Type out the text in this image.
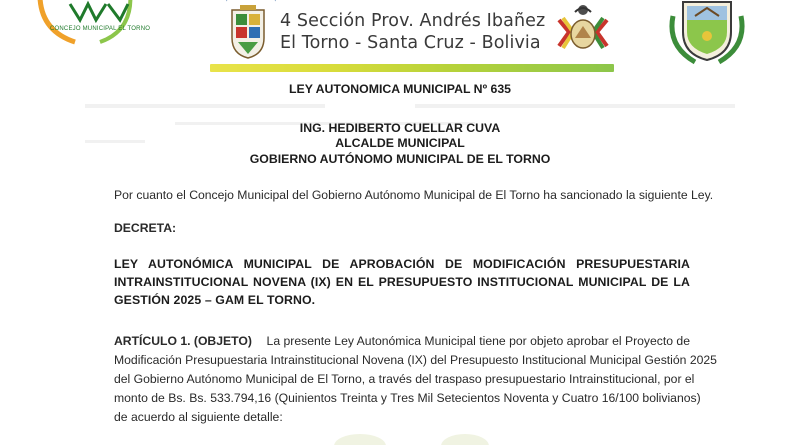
CONCEJO MUNICIPAL EL TORNO	4 Sección Prov. Andrés Ibañez
El Torno - Santa Cruz - Bolivia
LEY AUTONOMICA MUNICIPAL Nº 635
ING. HEDIBERTO CUELLAR CUVA
ALCALDE MUNICIPAL
GOBIERNO AUTÓNOMO MUNICIPAL DE EL TORNO
Por cuanto el Concejo Municipal del Gobierno Autónomo Municipal de El Torno ha sancionado la siguiente Ley.
DECRETA:
LEY AUTONÓMICA MUNICIPAL DE APROBACIÓN DE MODIFICACIÓN PRESUPUESTARIA
INTRAINSTITUCIONAL NOVENA (IX) EN EL PRESUPUESTO INSTITUCIONAL MUNICIPAL DE LA
GESTIÓN 2025 – GAM EL TORNO.
ARTÍCULO 1. (OBJETO) La presente Ley Autonómica Municipal tiene por objeto aprobar el Proyecto de
Modificación Presupuestaria Intrainstitucional Novena (IX) del Presupuesto Institucional Municipal Gestión 2025
del Gobierno Autónomo Municipal de El Torno, a través del traspaso presupuestario Intrainstitucional, por el
monto de Bs. Bs. 533.794,16 (Quinientos Treinta y Tres Mil Setecientos Noventa y Cuatro 16/100 bolivianos)
de acuerdo al siguiente detalle:
